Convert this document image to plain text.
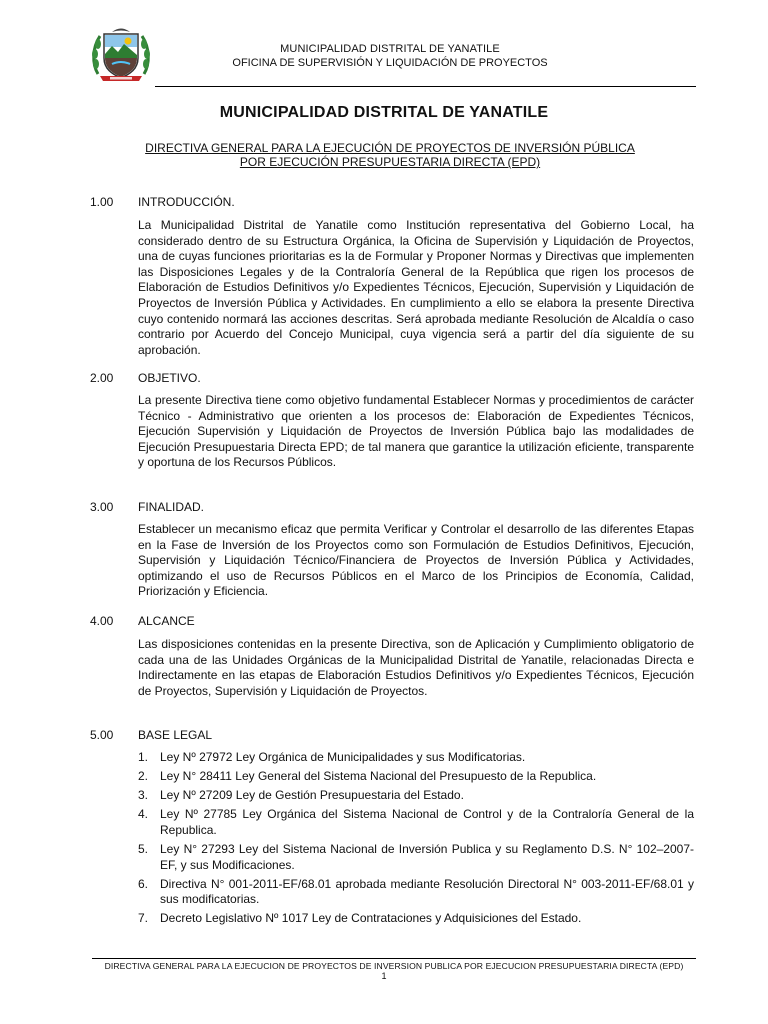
MUNICIPALIDAD DISTRITAL DE YANATILE
OFICINA DE SUPERVISIÓN Y LIQUIDACIÓN DE PROYECTOS
MUNICIPALIDAD DISTRITAL DE YANATILE
DIRECTIVA GENERAL PARA LA EJECUCIÓN DE PROYECTOS DE INVERSIÓN PÚBLICA
POR EJECUCIÓN PRESUPUESTARIA DIRECTA (EPD)
1.00 INTRODUCCIÓN.

La Municipalidad Distrital de Yanatile como Institución representativa del Gobierno Local, ha considerado dentro de su Estructura Orgánica, la Oficina de Supervisión y Liquidación de Proyectos, una de cuyas funciones prioritarias es la de Formular y Proponer Normas y Directivas que implementen las Disposiciones Legales y de la Contraloría General de la República que rigen los procesos de Elaboración de Estudios Definitivos y/o Expedientes Técnicos, Ejecución, Supervisión y Liquidación de Proyectos de Inversión Pública y Actividades. En cumplimiento a ello se elabora la presente Directiva cuyo contenido normará las acciones descritas. Será aprobada mediante Resolución de Alcaldía o caso contrario por Acuerdo del Concejo Municipal, cuya vigencia será a partir del día siguiente de su aprobación.

2.00 OBJETIVO.

La presente Directiva tiene como objetivo fundamental Establecer Normas y procedimientos de carácter Técnico - Administrativo que orienten a los procesos de: Elaboración de Expedientes Técnicos, Ejecución Supervisión y Liquidación de Proyectos de Inversión Pública bajo las modalidades de Ejecución Presupuestaria Directa EPD; de tal manera que garantice la utilización eficiente, transparente y oportuna de los Recursos Públicos.

3.00 FINALIDAD.

Establecer un mecanismo eficaz que permita Verificar y Controlar el desarrollo de las diferentes Etapas en la Fase de Inversión de los Proyectos como son Formulación de Estudios Definitivos, Ejecución, Supervisión y Liquidación Técnico/Financiera de Proyectos de Inversión Pública y Actividades, optimizando el uso de Recursos Públicos en el Marco de los Principios de Economía, Calidad, Priorización y Eficiencia.

4.00 ALCANCE

Las disposiciones contenidas en la presente Directiva, son de Aplicación y Cumplimiento obligatorio de cada una de las Unidades Orgánicas de la Municipalidad Distrital de Yanatile, relacionadas Directa e Indirectamente en las etapas de Elaboración Estudios Definitivos y/o Expedientes Técnicos, Ejecución de Proyectos, Supervisión y Liquidación de Proyectos.

5.00 BASE LEGAL
1. Ley Nº 27972 Ley Orgánica de Municipalidades y sus Modificatorias.
2. Ley N° 28411 Ley General del Sistema Nacional del Presupuesto de la Republica.
3. Ley Nº 27209 Ley de Gestión Presupuestaria del Estado.
4. Ley Nº 27785 Ley Orgánica del Sistema Nacional de Control y de la Contraloría General de la Republica.
5. Ley N° 27293 Ley del Sistema Nacional de Inversión Publica y su Reglamento D.S. N° 102–2007-EF, y sus Modificaciones.
6. Directiva N° 001-2011-EF/68.01 aprobada mediante Resolución Directoral N° 003-2011-EF/68.01 y sus modificatorias.
7. Decreto Legislativo Nº 1017 Ley de Contrataciones y Adquisiciones del Estado.
DIRECTIVA GENERAL PARA LA EJECUCION DE PROYECTOS DE INVERSION PUBLICA POR EJECUCION PRESUPUESTARIA DIRECTA (EPD)
1
